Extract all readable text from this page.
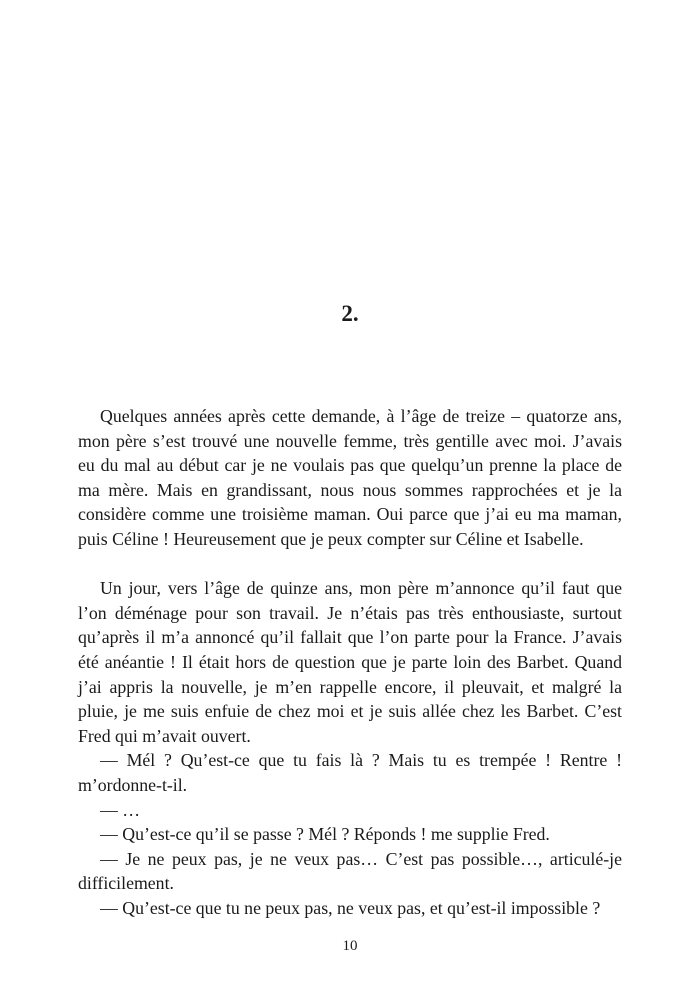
2.

Quelques années après cette demande, à l’âge de treize – quatorze ans, mon père s’est trouvé une nouvelle femme, très gentille avec moi. J’avais eu du mal au début car je ne voulais pas que quelqu’un prenne la place de ma mère. Mais en grandissant, nous nous sommes rapprochées et je la considère comme une troisième maman. Oui parce que j’ai eu ma maman, puis Céline ! Heureusement que je peux compter sur Céline et Isabelle.

Un jour, vers l’âge de quinze ans, mon père m’annonce qu’il faut que l’on déménage pour son travail. Je n’étais pas très enthousiaste, surtout qu’après il m’a annoncé qu’il fallait que l’on parte pour la France. J’avais été anéantie ! Il était hors de question que je parte loin des Barbet. Quand j’ai appris la nouvelle, je m’en rappelle encore, il pleuvait, et malgré la pluie, je me suis enfuie de chez moi et je suis allée chez les Barbet. C’est Fred qui m’avait ouvert.

— Mél ? Qu’est-ce que tu fais là ? Mais tu es trempée ! Rentre ! m’ordonne-t-il.

— …

— Qu’est-ce qu’il se passe ? Mél ? Réponds ! me supplie Fred.

— Je ne peux pas, je ne veux pas… C’est pas possible…, articulé-je difficilement.

— Qu’est-ce que tu ne peux pas, ne veux pas, et qu’est-il impossible ?

10
